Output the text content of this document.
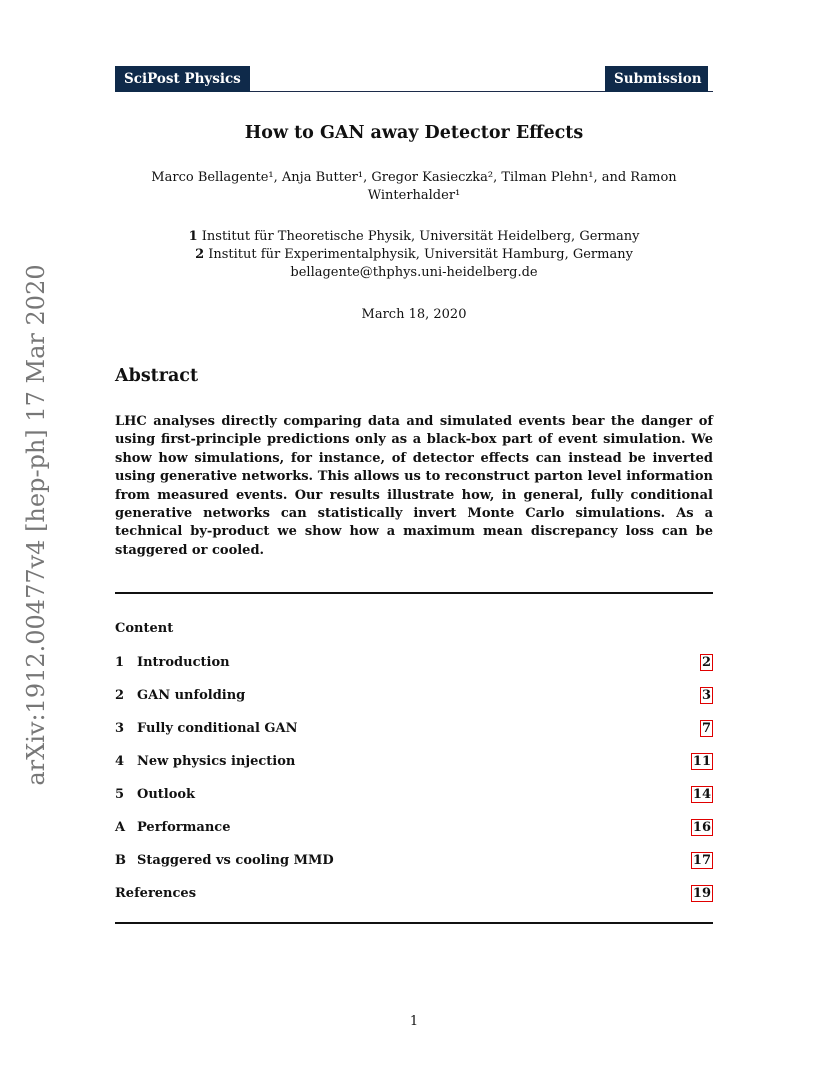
SciPost Physics	Submission
How to GAN away Detector Effects
Marco Bellagente¹, Anja Butter¹, Gregor Kasieczka², Tilman Plehn¹, and Ramon
Winterhalder¹
1 Institut für Theoretische Physik, Universität Heidelberg, Germany
2 Institut für Experimentalphysik, Universität Hamburg, Germany
bellagente@thphys.uni-heidelberg.de
March 18, 2020
Abstract
LHC analyses directly comparing data and simulated events bear the danger of using first-principle predictions only as a black-box part of event simulation. We show how simulations, for instance, of detector effects can instead be inverted using generative networks. This allows us to reconstruct parton level information from measured events. Our results illustrate how, in general, fully conditional generative networks can statistically invert Monte Carlo simulations. As a technical by-product we show how a maximum mean discrepancy loss can be staggered or cooled.
Content
1 Introduction	2
2 GAN unfolding	3
3 Fully conditional GAN	7
4 New physics injection	11
5 Outlook	14
A Performance	16
B Staggered vs cooling MMD	17
References	19
arXiv:1912.00477v4 [hep-ph] 17 Mar 2020
1
